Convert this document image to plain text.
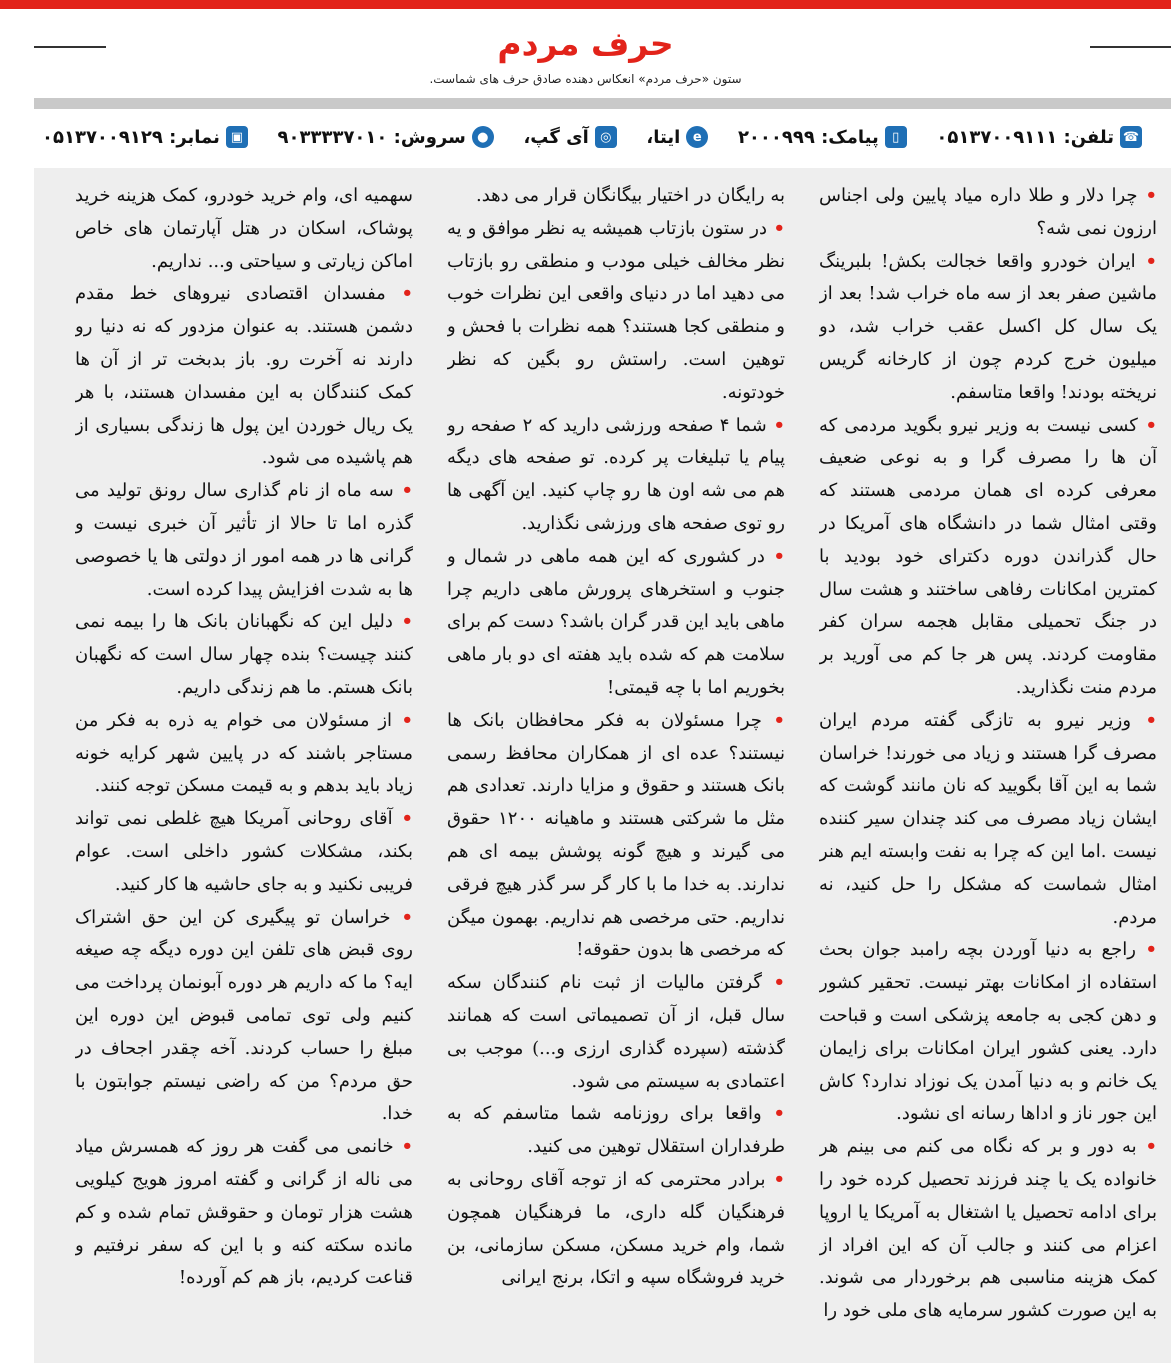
حرف مردم
ستون «حرف مردم» انعکاس دهنده صادق حرف های شماست.
☎
تلفن: ۰۵۱۳۷۰۰۹۱۱۱
▯
پیامک: ۲۰۰۰۹۹۹
e
ایتا،
◎
آی گپ،
●
سروش: ۹۰۳۳۳۳۷۰۱۰
▣
نمابر: ۰۵۱۳۷۰۰۹۱۲۹

• چرا دلار و طلا داره میاد پایین ولی اجناس ارزون نمی شه؟

• ایران خودرو واقعا خجالت بکش! بلبرینگ ماشین صفر بعد از سه ماه خراب شد! بعد از یک سال کل اکسل عقب خراب شد، دو میلیون خرج کردم چون از کارخانه گریس نریخته بودند! واقعا متاسفم.

• کسی نیست به وزیر نیرو بگوید مردمی که آن ها را مصرف گرا و به نوعی ضعیف معرفی کرده ای همان مردمی هستند که وقتی امثال شما در دانشگاه های آمریکا در حال گذراندن دوره دکترای خود بودید با کمترین امکانات رفاهی ساختند و هشت سال در جنگ تحمیلی مقابل هجمه سران کفر مقاومت کردند. پس هر جا کم می آورید بر مردم منت نگذارید.

• وزیر نیرو به تازگی گفته مردم ایران مصرف گرا هستند و زیاد می خورند! خراسان شما به این آقا بگویید که نان مانند گوشت که ایشان زیاد مصرف می کند چندان سیر کننده نیست .اما این که چرا به نفت وابسته ایم هنر امثال شماست که مشکل را حل کنید، نه مردم.

• راجع به دنیا آوردن بچه رامبد جوان بحث استفاده از امکانات بهتر نیست. تحقیر کشور و دهن کجی به جامعه پزشکی است و قباحت دارد. یعنی کشور ایران امکانات برای زایمان یک خانم و به دنیا آمدن یک نوزاد ندارد؟ کاش این جور ناز و اداها رسانه ای نشود.

• به دور و بر که نگاه می کنم می بینم هر خانواده یک یا چند فرزند تحصیل کرده خود را برای ادامه تحصیل یا اشتغال به آمریکا یا اروپا اعزام می کنند و جالب آن که این افراد از کمک هزینه مناسبی هم برخوردار می شوند. به این صورت کشور سرمایه های ملی خود را

به رایگان در اختیار بیگانگان قرار می دهد.

• در ستون بازتاب همیشه یه نظر موافق و یه نظر مخالف خیلی مودب و منطقی رو بازتاب می دهید اما در دنیای واقعی این نظرات خوب و منطقی کجا هستند؟ همه نظرات با فحش و توهین است. راستش رو بگین که نظر خودتونه.

• شما ۴ صفحه ورزشی دارید که ۲ صفحه رو پیام یا تبلیغات پر کرده. تو صفحه های دیگه هم می شه اون ها رو چاپ کنید. این آگهی ها رو توی صفحه های ورزشی نگذارید.

• در کشوری که این همه ماهی در شمال و جنوب و استخرهای پرورش ماهی داریم چرا ماهی باید این قدر گران باشد؟ دست کم برای سلامت هم که شده باید هفته ای دو بار ماهی بخوریم اما با چه قیمتی!

• چرا مسئولان به فکر محافظان بانک ها نیستند؟ عده ای از همکاران محافظ رسمی بانک هستند و حقوق و مزایا دارند. تعدادی هم مثل ما شرکتی هستند و ماهیانه ۱۲۰۰ حقوق می گیرند و هیچ گونه پوشش بیمه ای هم ندارند. به خدا ما با کار گر سر گذر هیچ فرقی نداریم. حتی مرخصی هم نداریم. بهمون میگن که مرخصی ها بدون حقوقه!

• گرفتن مالیات از ثبت نام کنندگان سکه سال قبل، از آن تصمیماتی است که همانند گذشته (سپرده گذاری ارزی و...) موجب بی اعتمادی به سیستم می شود.

• واقعا برای روزنامه شما متاسفم که به طرفداران استقلال توهین می کنید.

• برادر محترمی که از توجه آقای روحانی به فرهنگیان گله داری، ما فرهنگیان همچون شما، وام خرید مسکن، مسکن سازمانی، بن خرید فروشگاه سپه و اتکا، برنج ایرانی

سهمیه ای، وام خرید خودرو، کمک هزینه خرید پوشاک، اسکان در هتل آپارتمان های خاص اماکن زیارتی و سیاحتی و... نداریم.

• مفسدان اقتصادی نیروهای خط مقدم دشمن هستند. به عنوان مزدور که نه دنیا رو دارند نه آخرت رو. باز بدبخت تر از آن ها کمک کنندگان به این مفسدان هستند، با هر یک ریال خوردن این پول ها زندگی بسیاری از هم پاشیده می شود.

• سه ماه از نام گذاری سال رونق تولید می گذره اما تا حالا از تأثیر آن خبری نیست و گرانی ها در همه امور از دولتی ها یا خصوصی ها به شدت افزایش پیدا کرده است.

• دلیل این که نگهبانان بانک ها را بیمه نمی کنند چیست؟ بنده چهار سال است که نگهبان بانک هستم. ما هم زندگی داریم.

• از مسئولان می خوام یه ذره به فکر من مستاجر باشند که در پایین شهر کرایه خونه زیاد باید بدهم و به قیمت مسکن توجه کنند.

• آقای روحانی آمریکا هیچ غلطی نمی تواند بکند، مشکلات کشور داخلی است. عوام فریبی نکنید و به جای حاشیه ها کار کنید.

• خراسان تو پیگیری کن این حق اشتراک روی قبض های تلفن این دوره دیگه چه صیغه ایه؟ ما که داریم هر دوره آبونمان پرداخت می کنیم ولی توی تمامی قبوض این دوره این مبلغ را حساب کردند. آخه چقدر اجحاف در حق مردم؟ من که راضی نیستم جوابتون با خدا.

• خانمی می گفت هر روز که همسرش میاد می ناله از گرانی و گفته امروز هویج کیلویی هشت هزار تومان و حقوقش تمام شده و کم مانده سکته کنه و با این که سفر نرفتیم و قناعت کردیم، باز هم کم آورده!
